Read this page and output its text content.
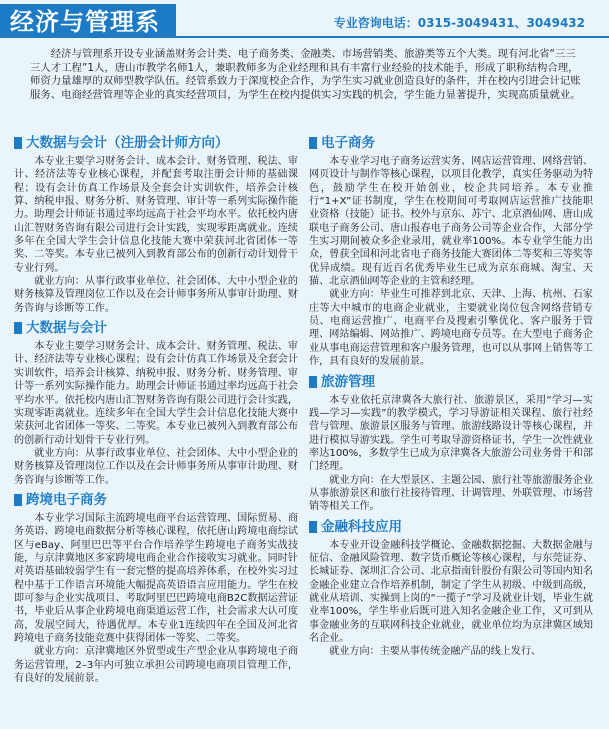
经济与管理系	专业咨询电话：0315-3049431、3049432

经济与管理系开设专业涵盖财务会计类、电子商务类、金融类、市场营销类、旅游类等五个大类。现有河北省“三三三人才工程”1人，唐山市教学名师1人，兼职教师多为企业经理和具有丰富行业经验的技术能手，形成了职称结构合理，师资力量雄厚的双师型教学队伍。经管系致力于深度校企合作，为学生实习就业创造良好的条件，并在校内引进会计记账服务、电商经营管理等企业的真实经营项目，为学生在校内提供实习实践的机会，学生能力显著提升，实现高质量就业。

大数据与会计（注册会计师方向）

本专业主要学习财务会计、成本会计、财务管理、税法、审计、经济法等专业核心课程，并配套考取注册会计师的基础课程；设有会计仿真工作场景及全套会计实训软件，培养会计核算、纳税申报、财务分析、财务管理、审计等一系列实际操作能力。助理会计师证书通过率均远高于社会平均水平。依托校内唐山汇智财务咨询有限公司进行会计实践，实现零距离就业。连续多年在全国大学生会计信息化技能大赛中荣获河北省团体一等奖、二等奖。本专业已被列入到教育部公布的创新行动计划骨干专业行列。

就业方向：从事行政事业单位、社会团体、大中小型企业的财务核算及管理岗位工作以及在会计师事务所从事审计助理、财务咨询与诊断等工作。

大数据与会计

本专业主要学习财务会计、成本会计、财务管理、税法、审计、经济法等专业核心课程；设有会计仿真工作场景及全套会计实训软件，培养会计核算、纳税申报、财务分析、财务管理、审计等一系列实际操作能力。助理会计师证书通过率均远高于社会平均水平。依托校内唐山汇智财务咨询有限公司进行会计实践，实现零距离就业。连续多年在全国大学生会计信息化技能大赛中荣获河北省团体一等奖、二等奖。本专业已被列入到教育部公布的创新行动计划骨干专业行列。

就业方向：从事行政事业单位、社会团体、大中小型企业的财务核算及管理岗位工作以及在会计师事务所从事审计助理、财务咨询与诊断等工作。

跨境电子商务

本专业学习国际主流跨境电商平台运营管理、国际贸易、商务英语、跨境电商数据分析等核心课程，依托唐山跨境电商综试区与eBay、阿里巴巴等平台合作培养学生跨境电子商务实战技能，与京津冀地区多家跨境电商企业合作接收实习就业。同时针对英语基础较弱学生有一套完整的提高培养体系，在校外实习过程中基于工作语言环境能大幅提高英语语言应用能力。学生在校即可参与企业实战项目、考取阿里巴巴跨境电商B2C数据运营证书，毕业后从事企业跨境电商渠道运营工作，社会需求大认可度高，发展空间大，待遇优厚。本专业1连续四年在全国及河北省跨境电子商务技能竞赛中获得团体一等奖、二等奖。

就业方向：京津冀地区外贸型或生产型企业从事跨境电子商务运营管理，2–3年内可独立承担公司跨境电商项目管理工作，有良好的发展前景。

电子商务

本专业学习电子商务运营实务、网店运营管理、网络营销、网页设计与制作等核心课程，以项目化教学，真实任务驱动为特色，鼓励学生在校开始创业，校企共同培养。本专业推行“1+X”证书制度，学生在校期间可考取网店运营推广技能职业资格（技能）证书。校外与京东、苏宁、北京酒仙网、唐山成联电子商务公司、唐山报春电子商务公司等企业合作，大部分学生实习期间被众多企业录用，就业率100%。本专业学生能力出众，曾获全国和河北省电子商务技能大赛团体二等奖和三等奖等优异成绩。现有近百名优秀毕业生已成为京东商城、淘宝、天猫、北京酒仙网等企业的主管和经理。

就业方向：毕业生可推荐到北京、天津、上海、杭州、石家庄等大中城市的电商企业就业，主要就业岗位包含网络营销专员、电商运营推广、电商平台及搜索引擎优化、客户服务于管理、网站编辑、网站推广、跨境电商专员等。在大型电子商务企业从事电商运营管理和客户服务管理，也可以从事网上销售等工作，具有良好的发展前景。

旅游管理

本专业依托京津冀各大旅行社、旅游景区，采用“学习—实践—学习—实践”的教学模式，学习导游证相关课程、旅行社经营与管理、旅游景区服务与管理、旅游线路设计等核心课程，并进行模拟导游实践。学生可考取导游资格证书，学生一次性就业率达100%，多数学生已成为京津冀各大旅游公司业务骨干和部门经理。

就业方向：在大型景区、主题公园、旅行社等旅游服务企业从事旅游景区和旅行社接待管理、计调管理、外联管理、市场营销等相关工作。

金融科技应用

本专业开设金融科技学概论、金融数据挖掘、大数据金融与征信、金融风险管理、数字货币概论等核心课程，与东莞证券、长城证券、深圳汇合公司、北京指南针股份有限公司等国内知名金融企业建立合作培养机制，制定了学生从初级、中级到高级，就业从培训、实操到上岗的“一揽子”学习及就业计划，毕业生就业率100%，学生毕业后既可进入知名金融企业工作，又可到从事金融业务的互联网科技企业就业，就业单位均为京津冀区域知名企业。

就业方向：主要从事传统金融产品的线上发行、
